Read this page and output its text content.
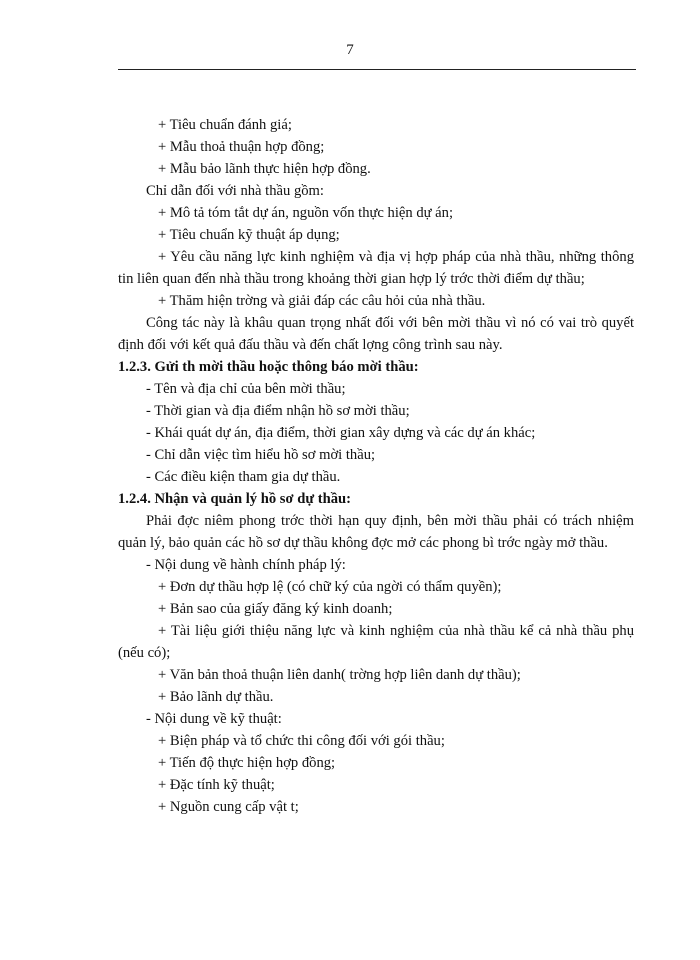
7

+ Tiêu chuẩn đánh giá;

+ Mẫu thoả thuận hợp đồng;

+ Mẫu bảo lãnh thực hiện hợp đồng.

Chỉ dẫn đối với nhà thầu gồm:

+ Mô tả tóm tắt dự án, nguồn vốn thực hiện dự án;

+ Tiêu chuẩn kỹ thuật áp dụng;

+ Yêu cầu năng lực kinh nghiệm và địa vị hợp pháp của nhà thầu, những thông tin liên quan đến nhà thầu trong khoảng thời gian hợp lý trớc thời điểm dự thầu;

+ Thăm hiện trờng và giải đáp các câu hỏi của nhà thầu.

Công tác này là khâu quan trọng nhất đối với bên mời thầu vì nó có vai trò quyết định đối với kết quả đấu thầu và đến chất lợng công trình sau này.

1.2.3. Gửi th mời thầu hoặc thông báo mời thầu:

- Tên và địa chỉ của bên mời thầu;

- Thời gian và địa điểm nhận hồ sơ mời thầu;

- Khái quát dự án, địa điểm, thời gian xây dựng và các dự án khác;

- Chỉ dẫn việc tìm hiểu hồ sơ mời thầu;

- Các điều kiện tham gia dự thầu.

1.2.4. Nhận và quản lý hồ sơ dự thầu:

Phải đợc niêm phong trớc thời hạn quy định, bên mời thầu phải có trách nhiệm quản lý, bảo quản các hồ sơ dự thầu không đợc mở các phong bì trớc ngày mở thầu.

- Nội dung về hành chính pháp lý:

+ Đơn dự thầu hợp lệ (có chữ ký của ngời có thẩm quyền);

+ Bản sao của giấy đăng ký kinh doanh;

+ Tài liệu giới thiệu năng lực và kinh nghiệm của nhà thầu kể cả nhà thầu phụ (nếu có);

+ Văn bản thoả thuận liên danh( trờng hợp liên danh dự thầu);

+ Bảo lãnh dự thầu.

- Nội dung về kỹ thuật:

+ Biện pháp và tổ chức thi công đối với gói thầu;

+ Tiến độ thực hiện hợp đồng;

+ Đặc tính kỹ thuật;

+ Nguồn cung cấp vật t;
